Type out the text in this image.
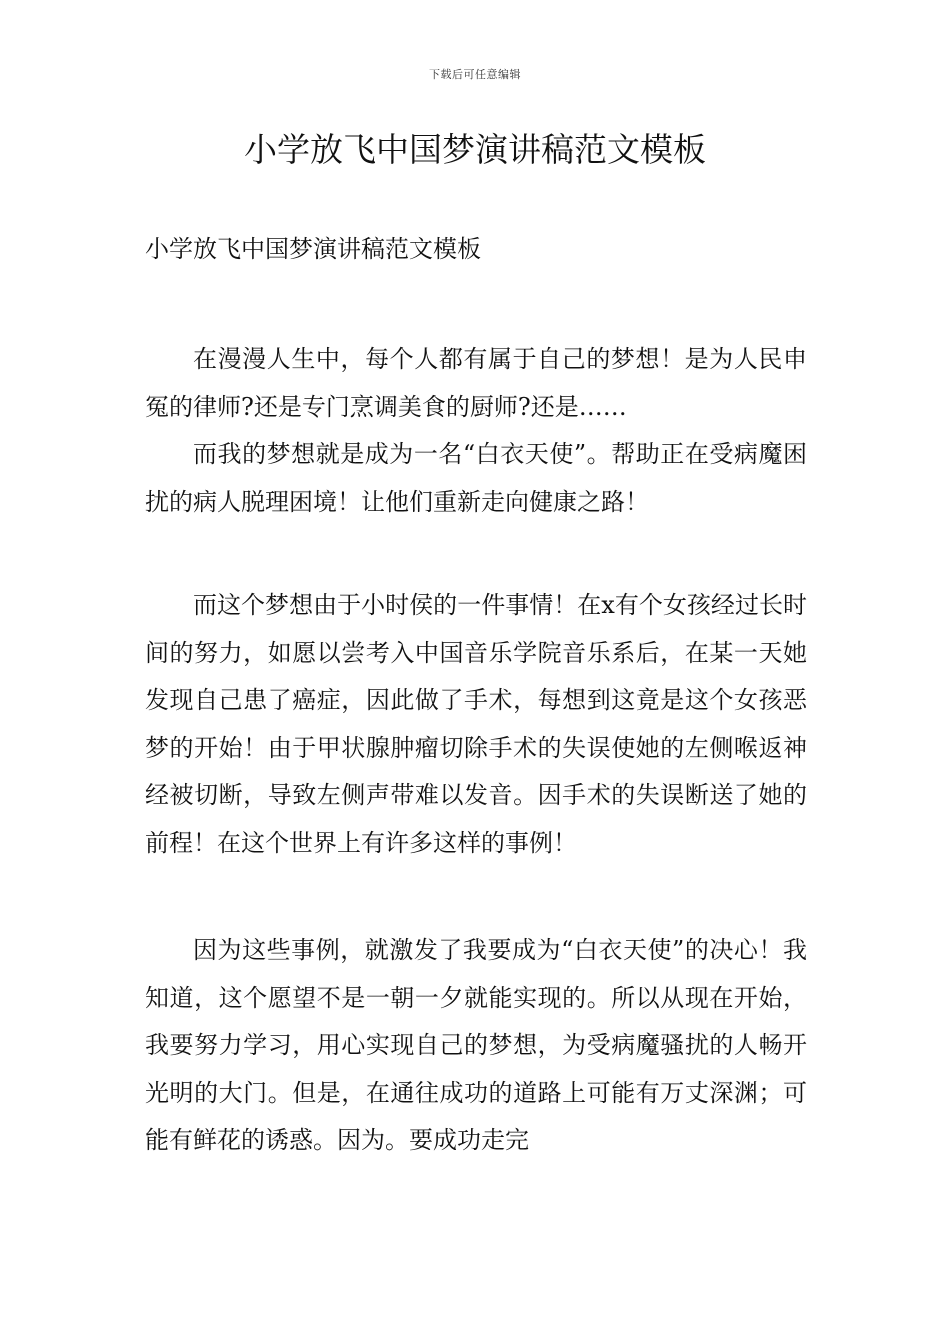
下载后可任意编辑
小学放飞中国梦演讲稿范文模板

小学放飞中国梦演讲稿范文模板

在漫漫人生中，每个人都有属于自己的梦想！是为人民申冤的律师?还是专门烹调美食的厨师?还是……

而我的梦想就是成为一名“白衣天使”。帮助正在受病魔困扰的病人脱理困境！让他们重新走向健康之路！

而这个梦想由于小时侯的一件事情！在x有个女孩经过长时间的努力，如愿以尝考入中国音乐学院音乐系后，在某一天她发现自己患了癌症，因此做了手术，每想到这竟是这个女孩恶梦的开始！由于甲状腺肿瘤切除手术的失误使她的左侧喉返神经被切断，导致左侧声带难以发音。因手术的失误断送了她的前程！在这个世界上有许多这样的事例！

因为这些事例，就激发了我要成为“白衣天使”的决心！我知道，这个愿望不是一朝一夕就能实现的。所以从现在开始，我要努力学习，用心实现自己的梦想，为受病魔骚扰的人畅开光明的大门。但是，在通往成功的道路上可能有万丈深渊；可能有鲜花的诱惑。因为。要成功走完
